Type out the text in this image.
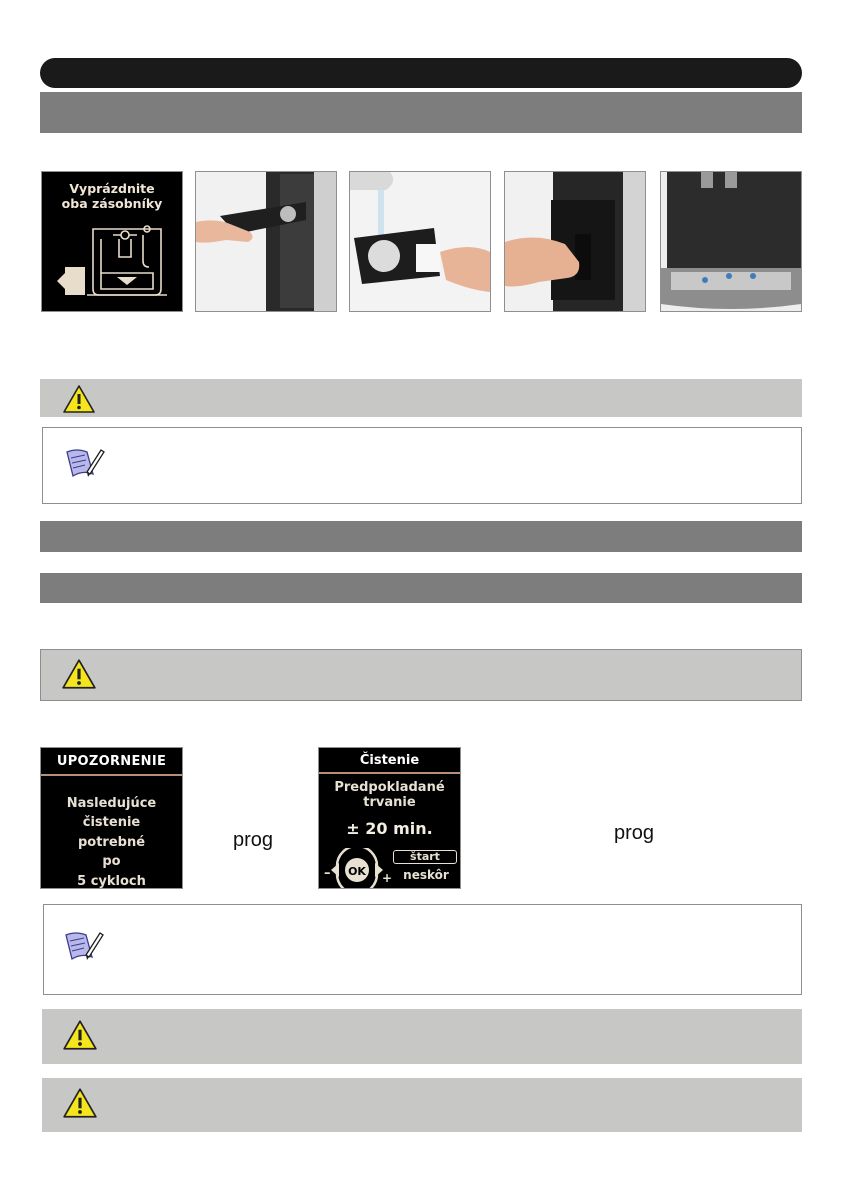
Vyprázdnite
oba zásobníky
UPOZORNENIE
Nasledujúce
čistenie
potrebné
po
5 cykloch
prog
Čistenie
Predpokladané
trvanie
± 20 min.
štart
neskôr
OK
–	+
prog
